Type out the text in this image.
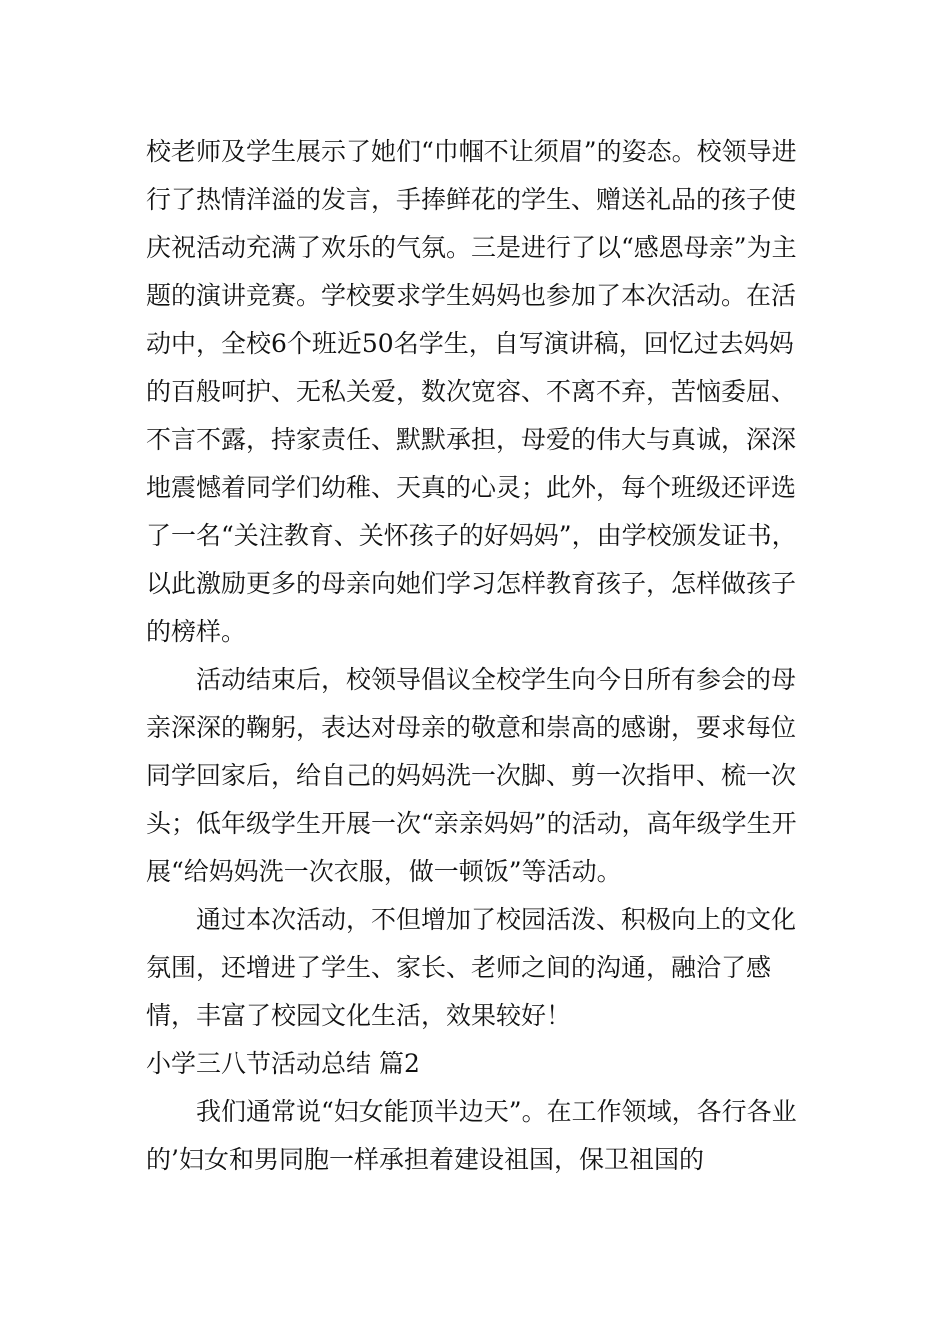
校老师及学生展示了她们“巾帼不让须眉”的姿态。校领导进行了热情洋溢的发言，手捧鲜花的学生、赠送礼品的孩子使庆祝活动充满了欢乐的气氛。三是进行了以“感恩母亲”为主题的演讲竞赛。学校要求学生妈妈也参加了本次活动。在活动中，全校6个班近50名学生，自写演讲稿，回忆过去妈妈的百般呵护、无私关爱，数次宽容、不离不弃，苦恼委屈、不言不露，持家责任、默默承担，母爱的伟大与真诚，深深地震憾着同学们幼稚、天真的心灵；此外，每个班级还评选了一名“关注教育、关怀孩子的好妈妈”，由学校颁发证书，以此激励更多的母亲向她们学习怎样教育孩子，怎样做孩子的榜样。

活动结束后，校领导倡议全校学生向今日所有参会的母亲深深的鞠躬，表达对母亲的敬意和崇高的感谢，要求每位同学回家后，给自己的妈妈洗一次脚、剪一次指甲、梳一次头；低年级学生开展一次“亲亲妈妈”的活动，高年级学生开展“给妈妈洗一次衣服，做一顿饭”等活动。

通过本次活动，不但增加了校园活泼、积极向上的文化氛围，还增进了学生、家长、老师之间的沟通，融洽了感情，丰富了校园文化生活，效果较好！

小学三八节活动总结 篇2

我们通常说“妇女能顶半边天”。在工作领域，各行各业的’妇女和男同胞一样承担着建设祖国，保卫祖国的
